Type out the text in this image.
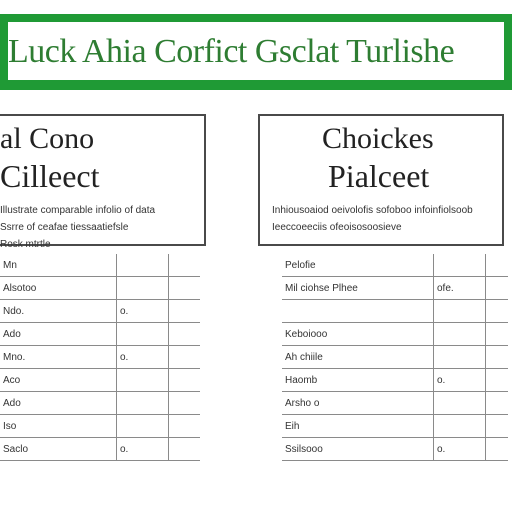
Luck Ahia Corfict Gsclat Turlishe

al Cono

Cilleect

Illustrate comparable infolio of data
Ssrre of ceafae tiessaatiefsle
Rosk mtrtle
Mn		
Alsotoo		
Ndo.	o.	
Ado		
Mno.	o.	
Aco		
Ado		
Iso		
Saclo	o.	

Choickes

Pialceet

Inhiousoaiod oeivolofis sofoboo infoinfiolsoob
Ieeccoeeciis ofeoisosoosieve
Pelofie		
Mil ciohse Plhee	ofe.	

Keboiooo		
Ah chiile		
Haomb	o.	
Arsho o		
Eih		
Ssilsooo	o.	
